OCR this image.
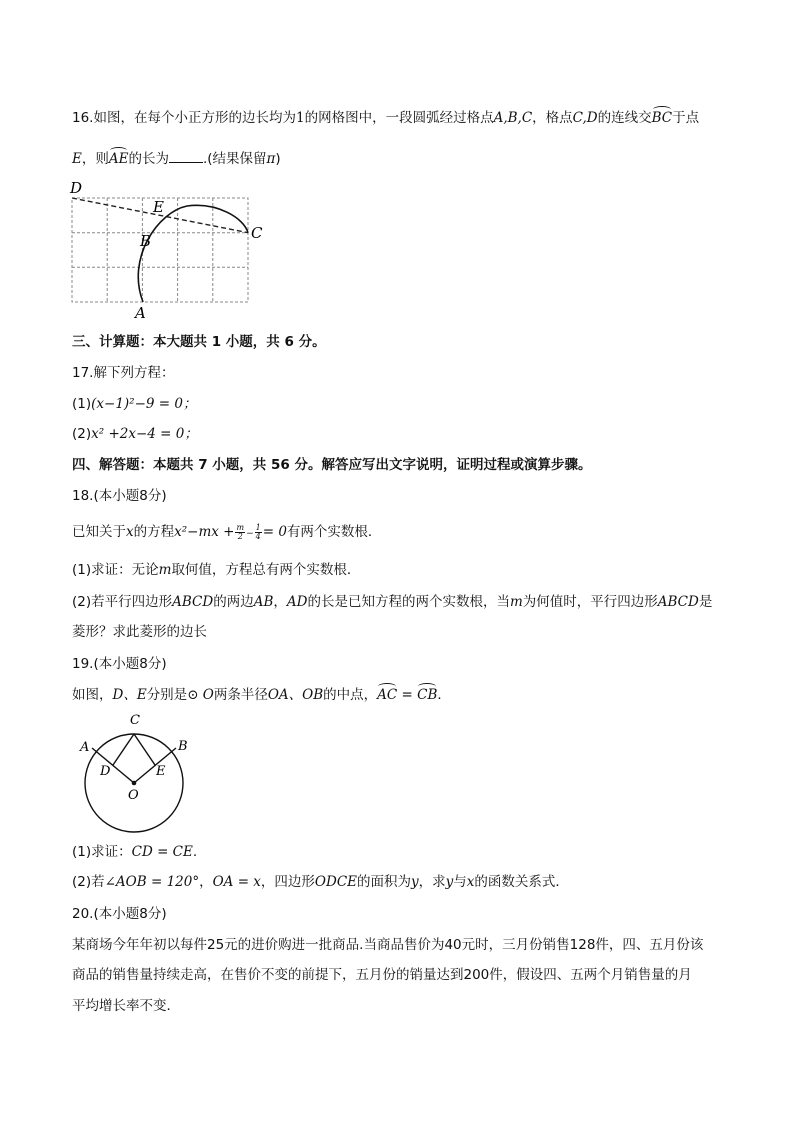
16.如图，在每个小正方形的边长均为1的网格图中，一段圆弧经过格点A,B,C，格点C,D的连线交BC于点
E，则AE的长为	.(结果保留π)
D
E
B	C
A
三、计算题：本大题共 1 小题，共 6 分。
17.解下列方程：
(1)(x−1)²−9 = 0；
(2)x² +2x−4 = 0；
四、解答题：本题共 7 小题，共 56 分。解答应写出文字说明，证明过程或演算步骤。
18.(本小题8分)
已知关于x的方程$x^2-mx + \frac{m}{2} - \frac{1}{4} = 0$有两个实数根．
(1)求证：无论m取何值，方程总有两个实数根．
(2)若平行四边形ABCD的两边AB，AD的长是已知方程的两个实数根，当m为何值时，平行四边形ABCD是
菱形？求此菱形的边长
19.(本小题8分)
如图，D、E分别是⊙ O两条半径OA、OB的中点，AC = CB．
C
A	B
D	E
O
(1)求证：CD = CE.
(2)若∠AOB = 120°，OA = x，四边形ODCE的面积为y，求y与x的函数关系式．
20.(本小题8分)
某商场今年年初以每件25元的进价购进一批商品.当商品售价为40元时，三月份销售128件，四、五月份该
商品的销售量持续走高，在售价不变的前提下，五月份的销量达到200件，假设四、五两个月销售量的月
平均增长率不变．
